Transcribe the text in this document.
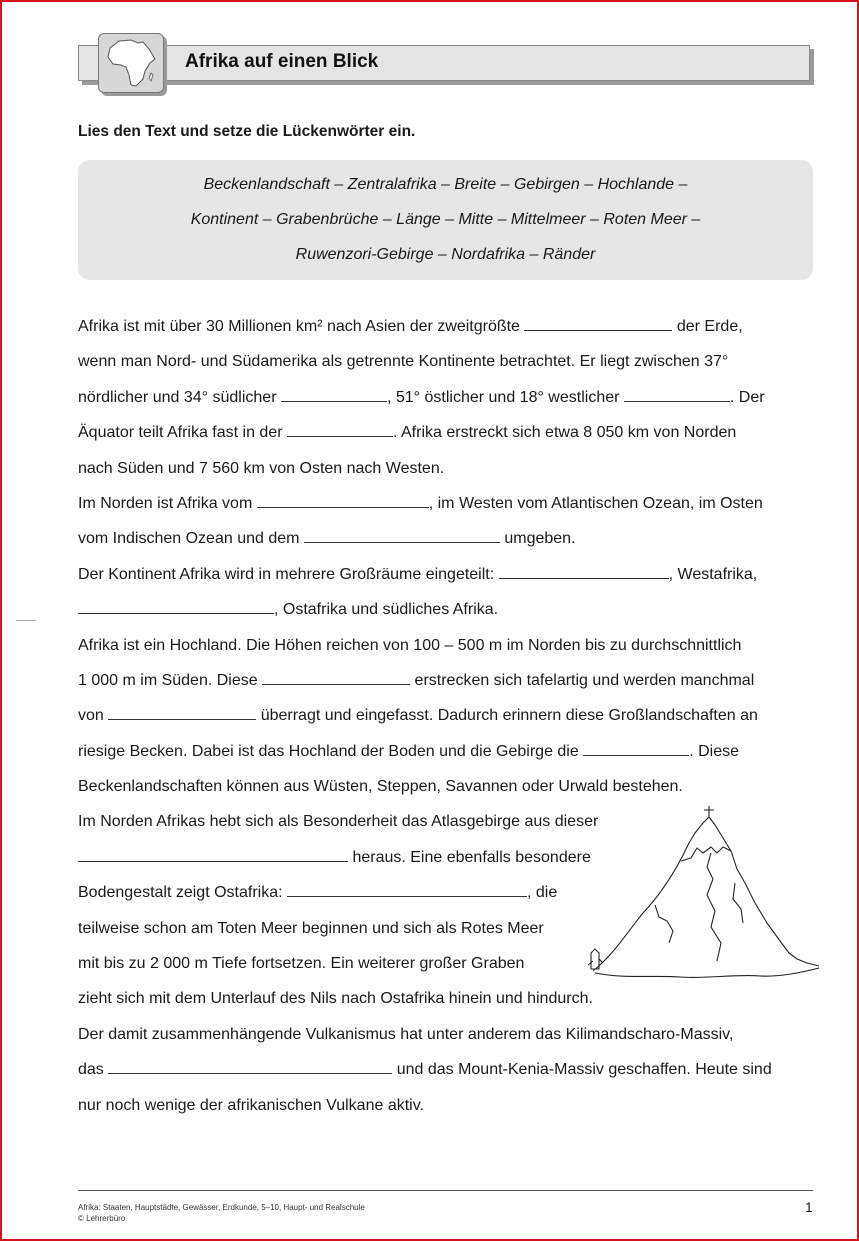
Afrika auf einen Blick
Lies den Text und setze die Lückenwörter ein.
Beckenlandschaft – Zentralafrika – Breite – Gebirgen – Hochlande –
Kontinent – Grabenbrüche – Länge – Mitte – Mittelmeer – Roten Meer –
Ruwenzori-Gebirge – Nordafrika – Ränder
Afrika ist mit über 30 Millionen km² nach Asien der zweitgrößte	der Erde,
wenn man Nord- und Südamerika als getrennte Kontinente betrachtet. Er liegt zwischen 37°
nördlicher und 34° südlicher	, 51° östlicher und 18° westlicher	. Der
Äquator teilt Afrika fast in der	. Afrika erstreckt sich etwa 8 050 km von Norden
nach Süden und 7 560 km von Osten nach Westen.
Im Norden ist Afrika vom	, im Westen vom Atlantischen Ozean, im Osten
vom Indischen Ozean und dem	umgeben.
Der Kontinent Afrika wird in mehrere Großräume eingeteilt:	, Westafrika,
, Ostafrika und südliches Afrika.
Afrika ist ein Hochland. Die Höhen reichen von 100 – 500 m im Norden bis zu durchschnittlich
1 000 m im Süden. Diese	erstrecken sich tafelartig und werden manchmal
von	überragt und eingefasst. Dadurch erinnern diese Großlandschaften an
riesige Becken. Dabei ist das Hochland der Boden und die Gebirge die	. Diese
Beckenlandschaften können aus Wüsten, Steppen, Savannen oder Urwald bestehen.
Im Norden Afrikas hebt sich als Besonderheit das Atlasgebirge aus dieser
heraus. Eine ebenfalls besondere
Bodengestalt zeigt Ostafrika:	, die
teilweise schon am Toten Meer beginnen und sich als Rotes Meer
mit bis zu 2 000 m Tiefe fortsetzen. Ein weiterer großer Graben
zieht sich mit dem Unterlauf des Nils nach Ostafrika hinein und hindurch.
Der damit zusammenhängende Vulkanismus hat unter anderem das Kilimandscharo-Massiv,
das	und das Mount-Kenia-Massiv geschaffen. Heute sind
nur noch wenige der afrikanischen Vulkane aktiv.
Afrika: Staaten, Hauptstädte, Gewässer, Erdkunde, 5–10, Haupt- und Realschule
© Lehrerbüro
1
